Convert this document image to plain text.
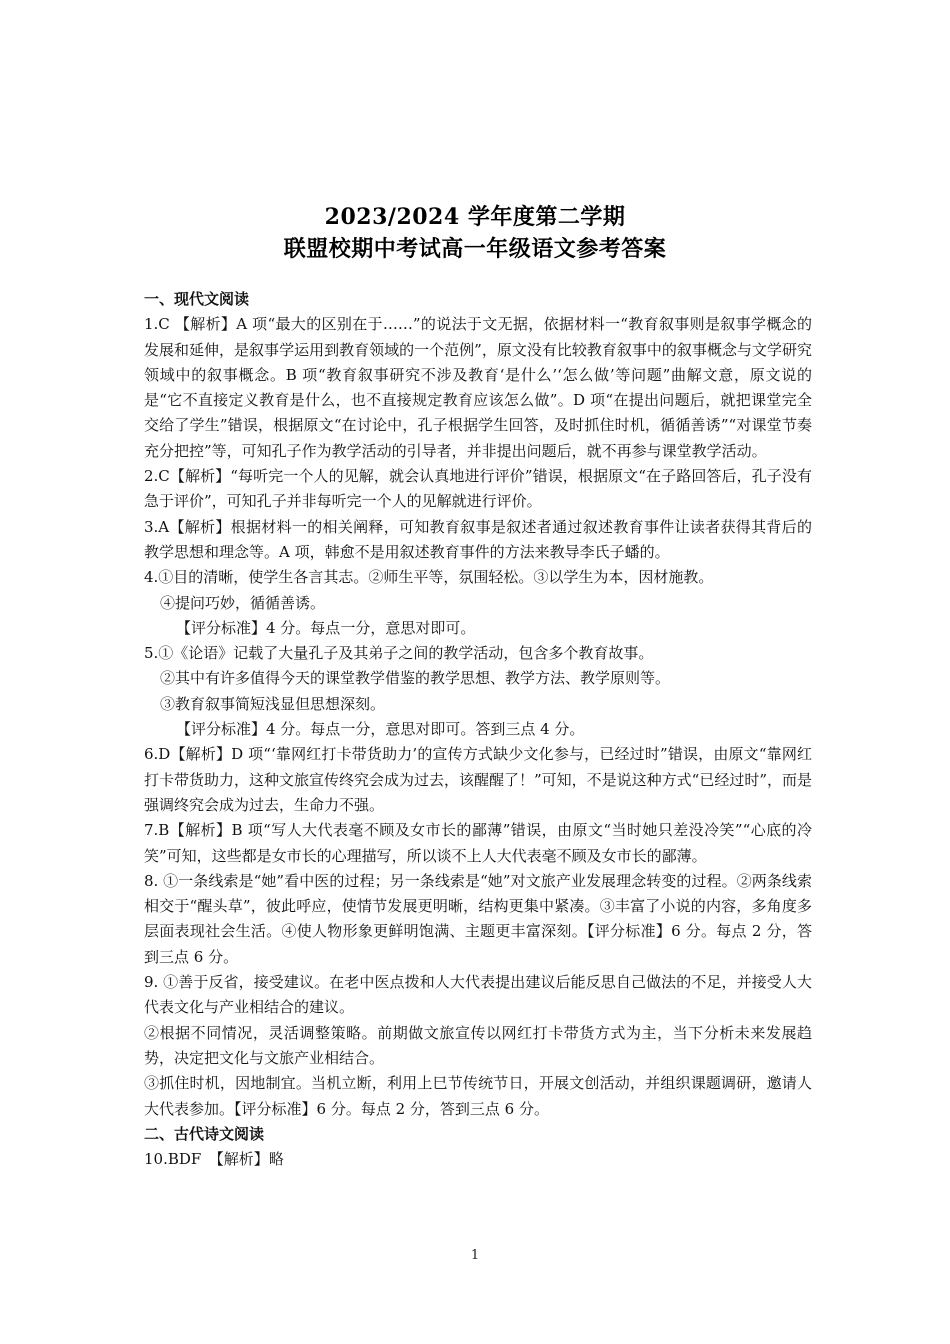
2023/2024 学年度第二学期
联盟校期中考试高一年级语文参考答案

一、现代文阅读

1.C 【解析】A 项“最大的区别在于……”的说法于文无据，依据材料一“教育叙事则是叙事学概念的发展和延伸，是叙事学运用到教育领域的一个范例”，原文没有比较教育叙事中的叙事概念与文学研究领域中的叙事概念。B 项“教育叙事研究不涉及教育‘是什么’‘怎么做’等问题”曲解文意，原文说的是“它不直接定义教育是什么，也不直接规定教育应该怎么做”。D 项“在提出问题后，就把课堂完全交给了学生”错误，根据原文“在讨论中，孔子根据学生回答，及时抓住时机，循循善诱”“对课堂节奏充分把控”等，可知孔子作为教学活动的引导者，并非提出问题后，就不再参与课堂教学活动。

2.C【解析】“每听完一个人的见解，就会认真地进行评价”错误，根据原文“在子路回答后，孔子没有急于评价”，可知孔子并非每听完一个人的见解就进行评价。

3.A【解析】根据材料一的相关阐释，可知教育叙事是叙述者通过叙述教育事件让读者获得其背后的教学思想和理念等。A 项，韩愈不是用叙述教育事件的方法来教导李氏子蟠的。

4.①目的清晰，使学生各言其志。②师生平等，氛围轻松。③以学生为本，因材施教。

④提问巧妙，循循善诱。

【评分标准】4 分。每点一分，意思对即可。

5.①《论语》记载了大量孔子及其弟子之间的教学活动，包含多个教育故事。

②其中有许多值得今天的课堂教学借鉴的教学思想、教学方法、教学原则等。

③教育叙事简短浅显但思想深刻。

【评分标准】4 分。每点一分，意思对即可。答到三点 4 分。

6.D【解析】D 项“‘靠网红打卡带货助力’的宣传方式缺少文化参与，已经过时”错误，由原文“靠网红打卡带货助力，这种文旅宣传终究会成为过去，该醒醒了！”可知，不是说这种方式“已经过时”，而是强调终究会成为过去，生命力不强。

7.B【解析】B 项“写人大代表毫不顾及女市长的鄙薄”错误，由原文“当时她只差没冷笑”“心底的冷笑”可知，这些都是女市长的心理描写，所以谈不上人大代表毫不顾及女市长的鄙薄。

8. ①一条线索是“她”看中医的过程；另一条线索是“她”对文旅产业发展理念转变的过程。②两条线索相交于“醒头草”，彼此呼应，使情节发展更明晰，结构更集中紧凑。③丰富了小说的内容，多角度多层面表现社会生活。④使人物形象更鲜明饱满、主题更丰富深刻。【评分标准】6 分。每点 2 分，答到三点 6 分。

9. ①善于反省，接受建议。在老中医点拨和人大代表提出建议后能反思自己做法的不足，并接受人大代表文化与产业相结合的建议。

②根据不同情况，灵活调整策略。前期做文旅宣传以网红打卡带货方式为主，当下分析未来发展趋势，决定把文化与文旅产业相结合。

③抓住时机，因地制宜。当机立断，利用上巳节传统节日，开展文创活动，并组织课题调研，邀请人大代表参加。【评分标准】6 分。每点 2 分，答到三点 6 分。

二、古代诗文阅读

10.BDF　【解析】略

1
